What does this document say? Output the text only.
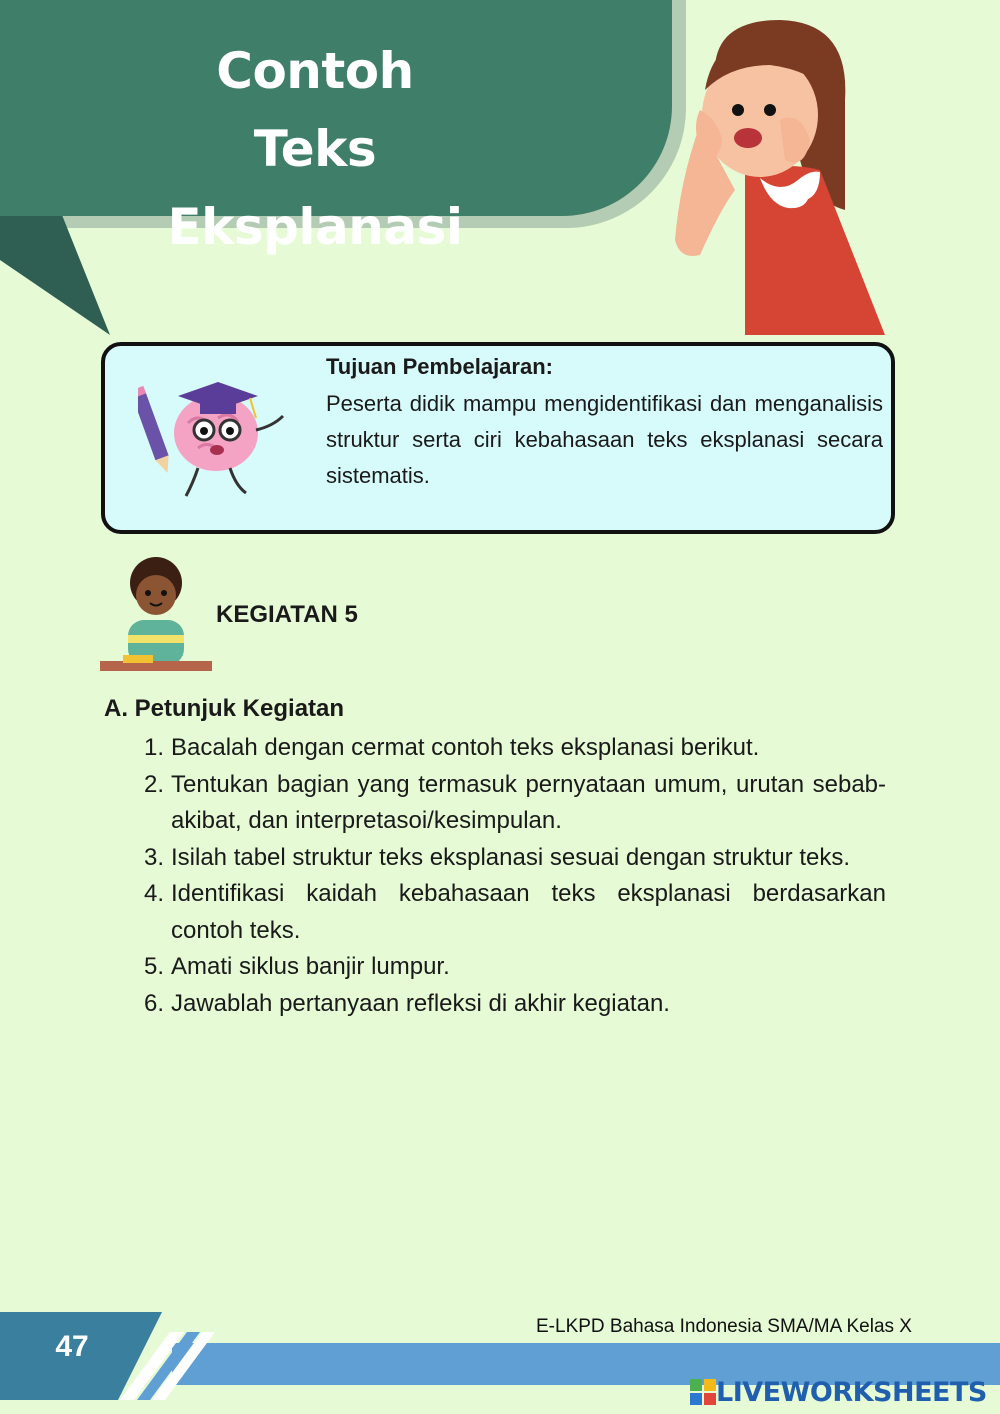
Contoh
Teks Eksplanasi
Tujuan Pembelajaran:
Peserta didik mampu mengidentifikasi dan menganalisis struktur serta ciri kebahasaan teks eksplanasi secara sistematis.
KEGIATAN 5
A. Petunjuk Kegiatan
1. Bacalah dengan cermat contoh teks eksplanasi berikut.
2. Tentukan bagian yang termasuk pernyataan umum, urutan sebab-akibat, dan interpretasoi/kesimpulan.
3. Isilah tabel struktur teks eksplanasi sesuai dengan struktur teks.
4. Identifikasi kaidah kebahasaan teks eksplanasi berdasarkan contoh teks.
5. Amati siklus banjir lumpur.
6. Jawablah pertanyaan refleksi di akhir kegiatan.
E-LKPD Bahasa Indonesia SMA/MA Kelas X
47
LIVEWORKSHEETS
